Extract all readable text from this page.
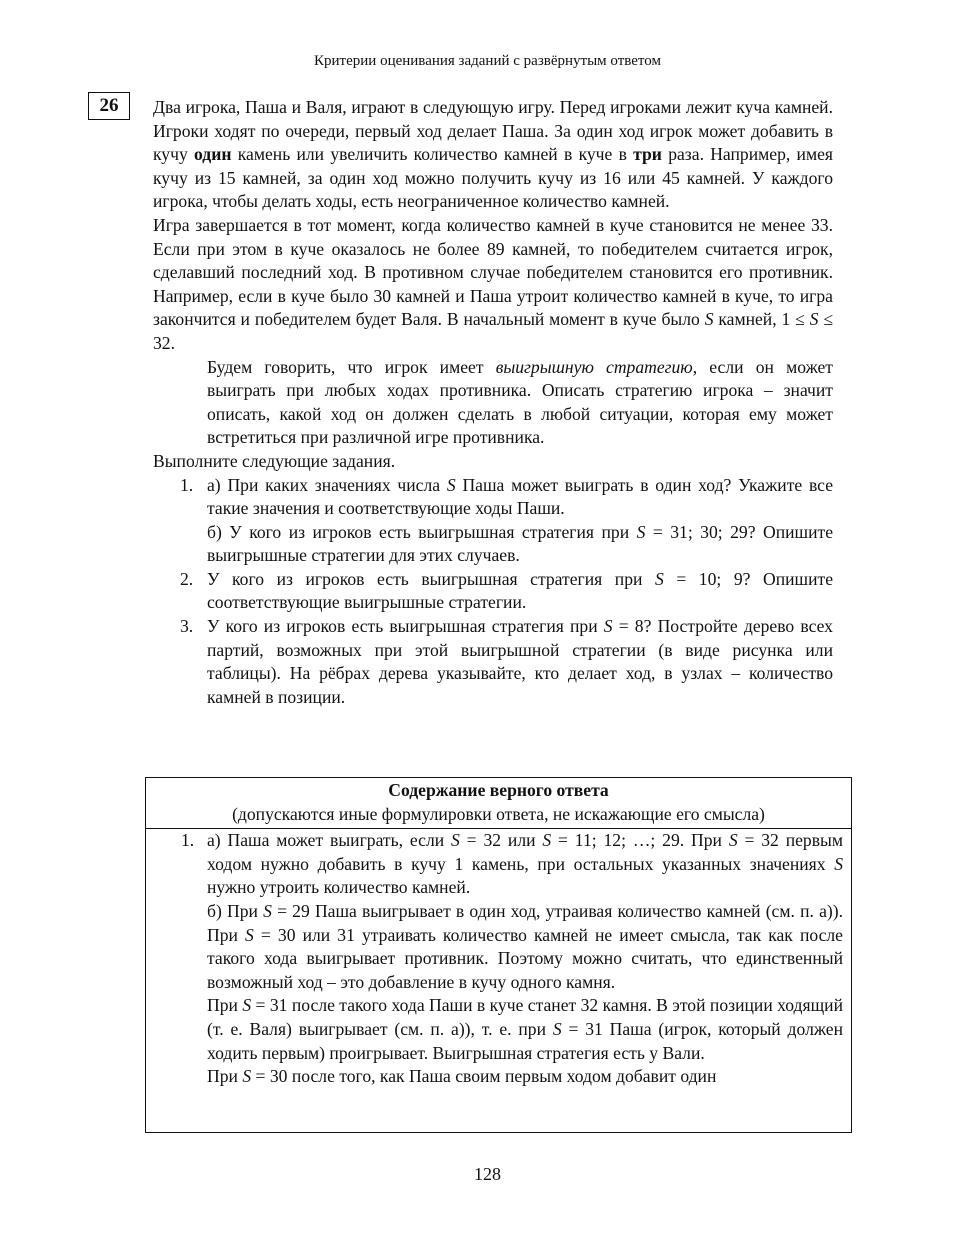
Критерии оценивания заданий с развёрнутым ответом
26	Два игрока, Паша и Валя, играют в следующую игру. Перед игроками лежит куча камней. Игроки ходят по очереди, первый ход делает Паша. За один ход игрок может добавить в кучу один камень или увеличить количество камней в куче в три раза. Например, имея кучу из 15 камней, за один ход можно получить кучу из 16 или 45 камней. У каждого игрока, чтобы делать ходы, есть неограниченное количество камней.

Игра завершается в тот момент, когда количество камней в куче становится не менее 33. Если при этом в куче оказалось не более 89 камней, то победителем считается игрок, сделавший последний ход. В противном случае победителем становится его противник. Например, если в куче было 30 камней и Паша утроит количество камней в куче, то игра закончится и победителем будет Валя. В начальный момент в куче было S камней, 1 ≤ S ≤ 32.

Будем говорить, что игрок имеет выигрышную стратегию, если он может выиграть при любых ходах противника. Описать стратегию игрока – значит описать, какой ход он должен сделать в любой ситуации, которая ему может встретиться при различной игре противника.

Выполните следующие задания.

1. а) При каких значениях числа S Паша может выиграть в один ход? Укажите все такие значения и соответствующие ходы Паши.

б) У кого из игроков есть выигрышная стратегия при S = 31; 30; 29? Опишите выигрышные стратегии для этих случаев.

2. У кого из игроков есть выигрышная стратегия при S = 10; 9? Опишите соответствующие выигрышные стратегии.

3. У кого из игроков есть выигрышная стратегия при S = 8? Постройте дерево всех партий, возможных при этой выигрышной стратегии (в виде рисунка или таблицы). На рёбрах дерева указывайте, кто делает ход, в узлах – количество камней в позиции.

Содержание верного ответа
(допускаются иные формулировки ответа, не искажающие его смысла)
1. а) Паша может выиграть, если S = 32 или S = 11; 12; …; 29. При S = 32 первым ходом нужно добавить в кучу 1 камень, при остальных указанных значениях S нужно утроить количество камней.

б) При S = 29 Паша выигрывает в один ход, утраивая количество камней (см. п. а)). При S = 30 или 31 утраивать количество камней не имеет смысла, так как после такого хода выигрывает противник. Поэтому можно считать, что единственный возможный ход – это добавление в кучу одного камня.

При S = 31 после такого хода Паши в куче станет 32 камня. В этой позиции ходящий (т. е. Валя) выигрывает (см. п. а)), т. е. при S = 31 Паша (игрок, который должен ходить первым) проигрывает. Выигрышная стратегия есть у Вали.

При S = 30 после того, как Паша своим первым ходом добавит один

128
